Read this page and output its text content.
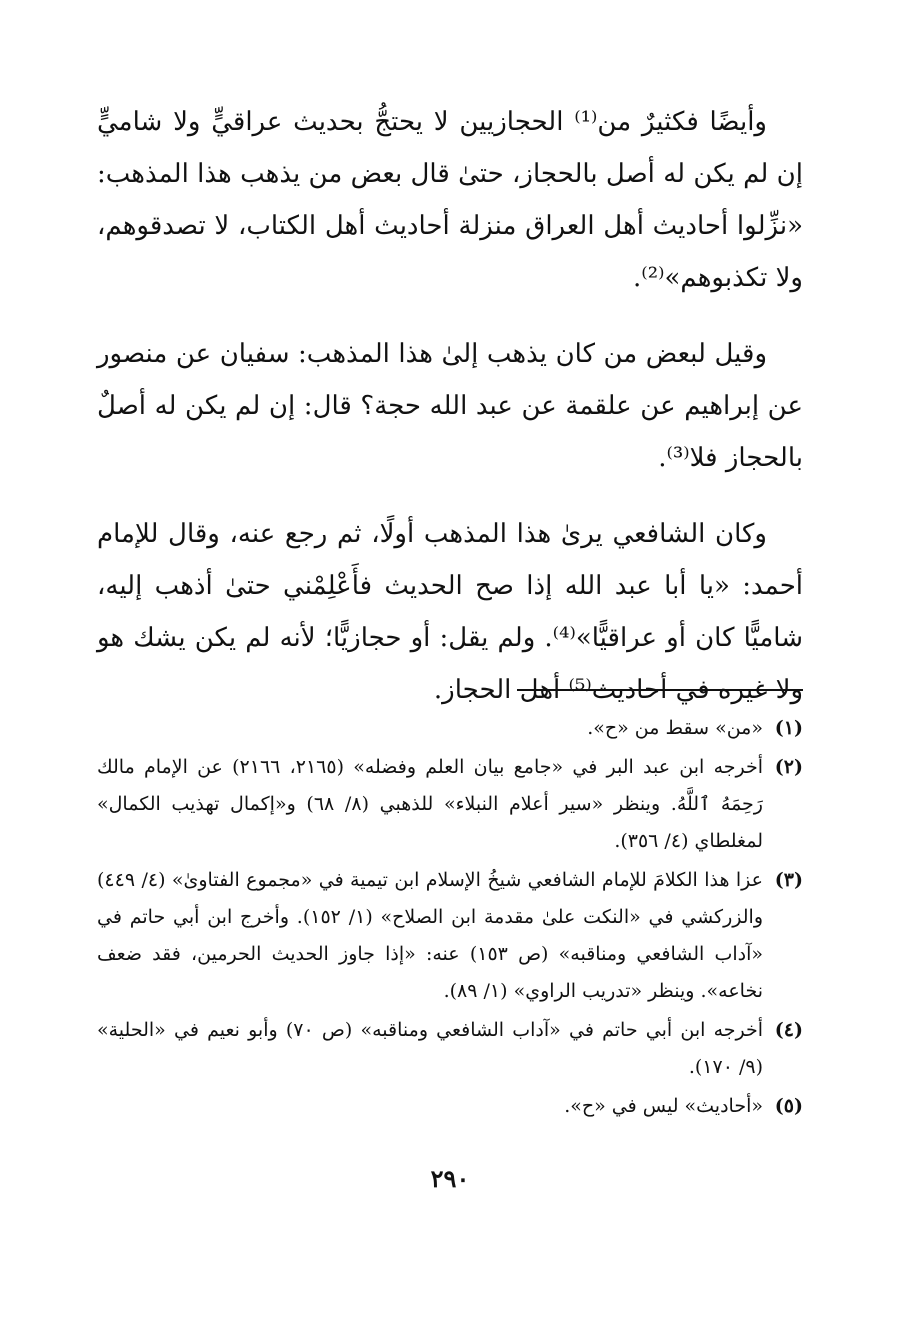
وأيضًا فكثيرٌ من⁽¹⁾ الحجازيين لا يحتجُّ بحديث عراقيٍّ ولا شاميٍّ إن لم يكن له أصل بالحجاز، حتىٰ قال بعض من يذهب هذا المذهب: «نزِّلوا أحاديث أهل العراق منزلة أحاديث أهل الكتاب، لا تصدقوهم، ولا تكذبوهم»⁽²⁾.

وقيل لبعض من كان يذهب إلىٰ هذا المذهب: سفيان عن منصور عن إبراهيم عن علقمة عن عبد الله حجة؟ قال: إن لم يكن له أصلٌ بالحجاز فلا⁽³⁾.

وكان الشافعي يرىٰ هذا المذهب أولًا، ثم رجع عنه، وقال للإمام أحمد: «يا أبا عبد الله إذا صح الحديث فأَعْلِمْني حتىٰ أذهب إليه، شاميًّا كان أو عراقيًّا»⁽⁴⁾. ولم يقل: أو حجازيًّا؛ لأنه لم يكن يشك هو ولا غيره في أحاديث⁽⁵⁾ أهل الحجاز.

(١)
«من» سقط من «ح».
(٢)
أخرجه ابن عبد البر في «جامع بيان العلم وفضله» (٢١٦٥، ٢١٦٦) عن الإمام مالك رَحِمَهُ ٱللَّهُ. وينظر «سير أعلام النبلاء» للذهبي (٨/ ٦٨) و«إكمال تهذيب الكمال» لمغلطاي (٤/ ٣٥٦).
(٣)
عزا هذا الكلامَ للإمام الشافعي شيخُ الإسلام ابن تيمية في «مجموع الفتاوىٰ» (٤/ ٤٤٩) والزركشي في «النكت علىٰ مقدمة ابن الصلاح» (١/ ١٥٢). وأخرج ابن أبي حاتم في «آداب الشافعي ومناقبه» (ص ١٥٣) عنه: «إذا جاوز الحديث الحرمين، فقد ضعف نخاعه». وينظر «تدريب الراوي» (١/ ٨٩).
(٤)
أخرجه ابن أبي حاتم في «آداب الشافعي ومناقبه» (ص ٧٠) وأبو نعيم في «الحلية» (٩/ ١٧٠).
(٥)
«أحاديث» ليس في «ح».
٢٩٠
